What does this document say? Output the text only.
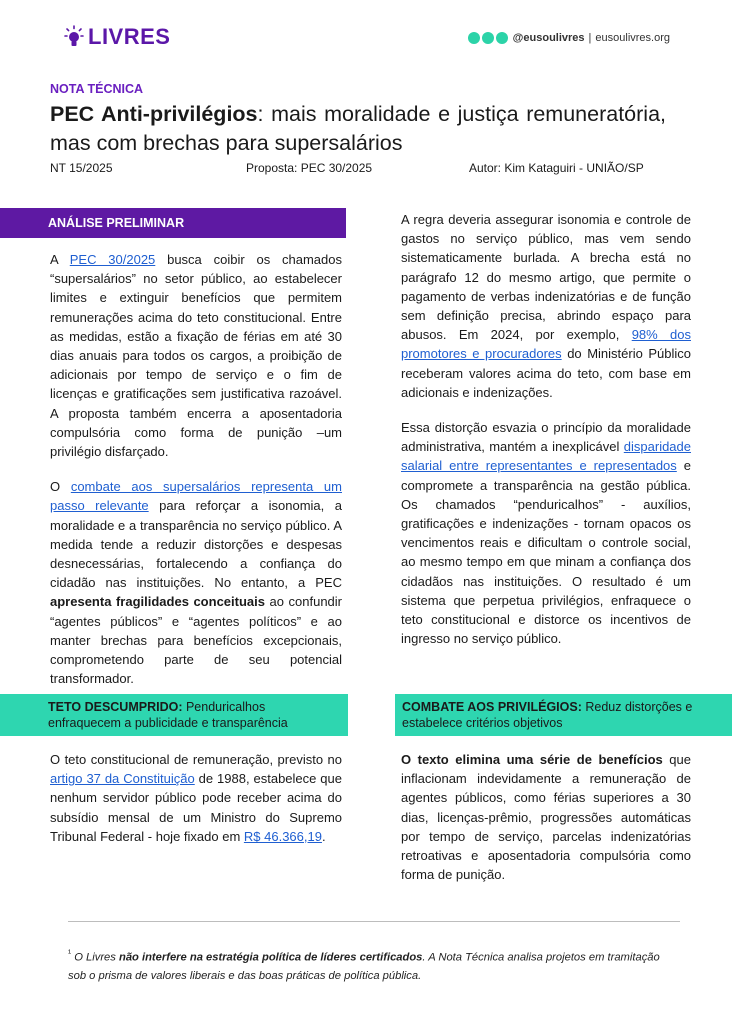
LIVRES	@eusoulivres | eusoulivres.org
NOTA TÉCNICA
PEC Anti-privilégios: mais moralidade e justiça remuneratória, mas com brechas para supersalários
NT 15/2025	Proposta: PEC 30/2025	Autor: Kim Kataguiri - UNIÃO/SP
ANÁLISE PRELIMINAR

A PEC 30/2025 busca coibir os chamados “supersalários” no setor público, ao estabelecer limites e extinguir benefícios que permitem remunerações acima do teto constitucional. Entre as medidas, estão a fixação de férias em até 30 dias anuais para todos os cargos, a proibição de adicionais por tempo de serviço e o fim de licenças e gratificações sem justificativa razoável. A proposta também encerra a aposentadoria compulsória como forma de punição –um privilégio disfarçado.

O combate aos supersalários representa um passo relevante para reforçar a isonomia, a moralidade e a transparência no serviço público. A medida tende a reduzir distorções e despesas desnecessárias, fortalecendo a confiança do cidadão nas instituições. No entanto, a PEC apresenta fragilidades conceituais ao confundir “agentes públicos” e “agentes políticos” e ao manter brechas para benefícios excepcionais, comprometendo parte de seu potencial transformador.

TETO DESCUMPRIDO: Penduricalhos enfraquecem a publicidade e transparência

O teto constitucional de remuneração, previsto no artigo 37 da Constituição de 1988, estabelece que nenhum servidor público pode receber acima do subsídio mensal de um Ministro do Supremo Tribunal Federal - hoje fixado em R$ 46.366,19.

A regra deveria assegurar isonomia e controle de gastos no serviço público, mas vem sendo sistematicamente burlada. A brecha está no parágrafo 12 do mesmo artigo, que permite o pagamento de verbas indenizatórias e de função sem definição precisa, abrindo espaço para abusos. Em 2024, por exemplo, 98% dos promotores e procuradores do Ministério Público receberam valores acima do teto, com base em adicionais e indenizações.

Essa distorção esvazia o princípio da moralidade administrativa, mantém a inexplicável disparidade salarial entre representantes e representados e compromete a transparência na gestão pública. Os chamados “penduricalhos” - auxílios, gratificações e indenizações - tornam opacos os vencimentos reais e dificultam o controle social, ao mesmo tempo em que minam a confiança dos cidadãos nas instituições. O resultado é um sistema que perpetua privilégios, enfraquece o teto constitucional e distorce os incentivos de ingresso no serviço público.

COMBATE AOS PRIVILÉGIOS: Reduz distorções e estabelece critérios objetivos

O texto elimina uma série de benefícios que inflacionam indevidamente a remuneração de agentes públicos, como férias superiores a 30 dias, licenças-prêmio, progressões automáticas por tempo de serviço, parcelas indenizatórias retroativas e aposentadoria compulsória como forma de punição.

$^{^1}$ O Livres não interfere na estratégia política de líderes certificados. A Nota Técnica analisa projetos em tramitação sob o prisma de valores liberais e das boas práticas de política pública.
